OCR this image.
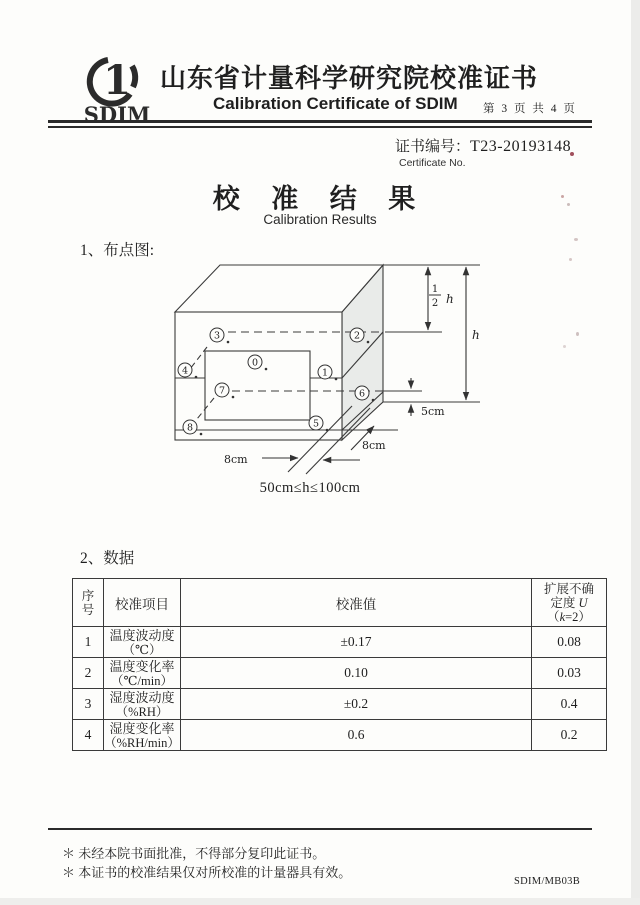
1
SDIM
山东省计量科学研究院校准证书
Calibration Certificate of SDIM	第 3 页 共 4 页
证书编号：T23-20193148
Certificate No.
校 准 结 果
Calibration Results
1、布点图:
0
1
2
3
4
5
6
7
8
1
2 h
h
5cm
8cm
8cm
50cm≤h≤100cm
2、数据
序
号	校准项目	校准值	扩展不确
定度 U
（k=2）

1	温度波动度
（℃）	±0.17	0.08
2	温度变化率
（℃/min）	0.10	0.03
3	湿度波动度
（%RH）	±0.2	0.4
4	湿度变化率
（%RH/min）	0.6	0.2
＊ 未经本院书面批准，不得部分复印此证书。
＊ 本证书的校准结果仅对所校准的计量器具有效。
SDIM/MB03B
